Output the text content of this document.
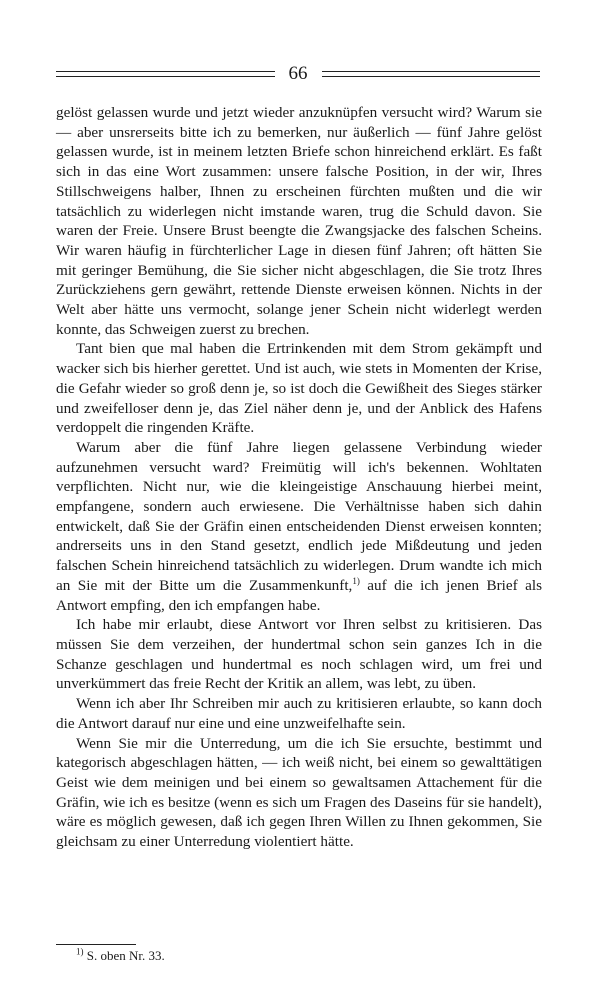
66

gelöst gelassen wurde und jetzt wieder anzuknüpfen versucht wird? Warum sie — aber unsrerseits bitte ich zu bemerken, nur äußerlich — fünf Jahre gelöst gelassen wurde, ist in meinem letzten Briefe schon hinreichend erklärt. Es faßt sich in das eine Wort zusammen: unsere falsche Position, in der wir, Ihres Stillschweigens halber, Ihnen zu erscheinen fürchten mußten und die wir tatsächlich zu widerlegen nicht imstande waren, trug die Schuld davon. Sie waren der Freie. Unsere Brust beengte die Zwangsjacke des falschen Scheins. Wir waren häufig in fürchterlicher Lage in diesen fünf Jahren; oft hätten Sie mit geringer Bemühung, die Sie sicher nicht abgeschlagen, die Sie trotz Ihres Zurückziehens gern gewährt, rettende Dienste erweisen können. Nichts in der Welt aber hätte uns vermocht, solange jener Schein nicht widerlegt werden konnte, das Schweigen zuerst zu brechen.

Tant bien que mal haben die Ertrinkenden mit dem Strom gekämpft und wacker sich bis hierher gerettet. Und ist auch, wie stets in Momenten der Krise, die Gefahr wieder so groß denn je, so ist doch die Gewißheit des Sieges stärker und zweifelloser denn je, das Ziel näher denn je, und der Anblick des Hafens verdoppelt die ringenden Kräfte.

Warum aber die fünf Jahre liegen gelassene Verbindung wieder aufzunehmen versucht ward? Freimütig will ich's bekennen. Wohltaten verpflichten. Nicht nur, wie die kleingeistige Anschauung hierbei meint, empfangene, sondern auch erwiesene. Die Verhältnisse haben sich dahin entwickelt, daß Sie der Gräfin einen entscheidenden Dienst erweisen konnten; andrerseits uns in den Stand gesetzt, endlich jede Mißdeutung und jeden falschen Schein hinreichend tatsächlich zu widerlegen. Drum wandte ich mich an Sie mit der Bitte um die Zusammenkunft,$^{1)}$ auf die ich jenen Brief als Antwort empfing, den ich empfangen habe.

Ich habe mir erlaubt, diese Antwort vor Ihren selbst zu kritisieren. Das müssen Sie dem verzeihen, der hundertmal schon sein ganzes Ich in die Schanze geschlagen und hundertmal es noch schlagen wird, um frei und unverkümmert das freie Recht der Kritik an allem, was lebt, zu üben.

Wenn ich aber Ihr Schreiben mir auch zu kritisieren erlaubte, so kann doch die Antwort darauf nur eine und eine unzweifelhafte sein.

Wenn Sie mir die Unterredung, um die ich Sie ersuchte, bestimmt und kategorisch abgeschlagen hätten, — ich weiß nicht, bei einem so gewalttätigen Geist wie dem meinigen und bei einem so gewaltsamen Attachement für die Gräfin, wie ich es besitze (wenn es sich um Fragen des Daseins für sie handelt), wäre es möglich gewesen, daß ich gegen Ihren Willen zu Ihnen gekommen, Sie gleichsam zu einer Unterredung violentiert hätte.

$^{1)}$ S. oben Nr. 33.
